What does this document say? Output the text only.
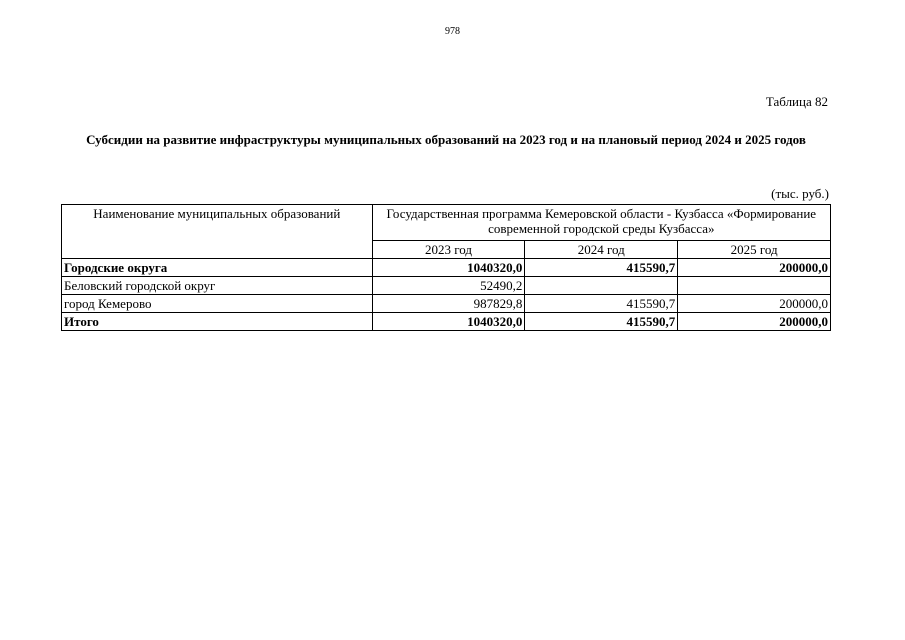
978
Таблица 82
Субсидии на развитие инфраструктуры муниципальных образований на 2023 год и на плановый период 2024 и 2025 годов
(тыс. руб.)
Наименование муниципальных образований	Государственная программа Кемеровской области - Кузбасса «Формирование современной городской среды Кузбасса»		
	2023 год	2024 год	2025 год
Городские округа	1040320,0	415590,7	200000,0
Беловский городской округ	52490,2		
город Кемерово	987829,8	415590,7	200000,0
Итого	1040320,0	415590,7	200000,0
